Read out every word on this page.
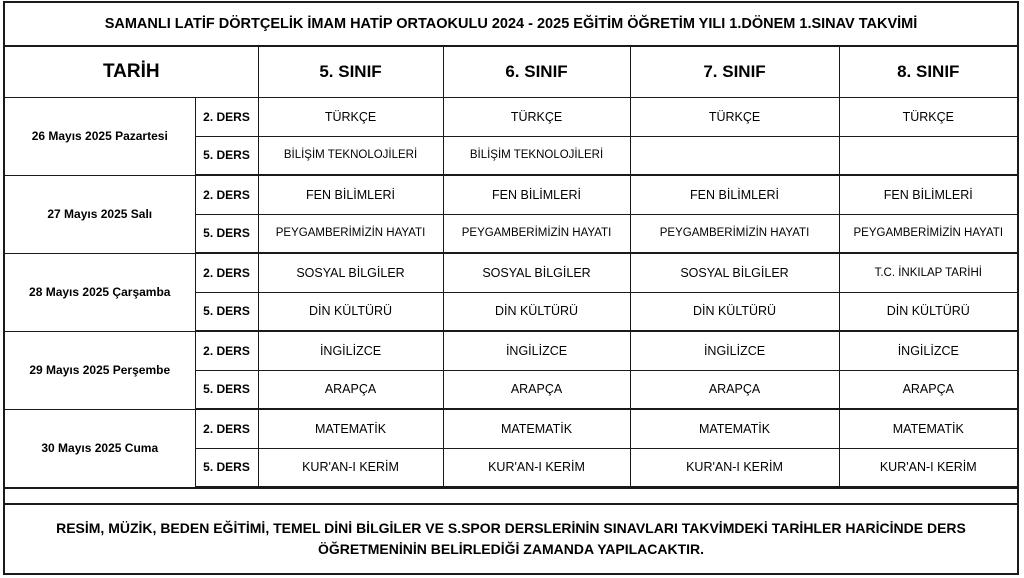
SAMANLI LATİF DÖRTÇELİK İMAM HATİP ORTAOKULU 2024 - 2025 EĞİTİM ÖĞRETİM YILI 1.DÖNEM 1.SINAV TAKVİMİ
TARİH		5. SINIF	6. SINIF	7. SINIF	8. SINIF
26 Mayıs 2025 Pazartesi	2. DERS	TÜRKÇE	TÜRKÇE	TÜRKÇE	TÜRKÇE
	5. DERS	BİLİŞİM TEKNOLOJİLERİ	BİLİŞİM TEKNOLOJİLERİ		
27 Mayıs 2025 Salı	2. DERS	FEN BİLİMLERİ	FEN BİLİMLERİ	FEN BİLİMLERİ	FEN BİLİMLERİ
	5. DERS	PEYGAMBERİMİZİN HAYATI	PEYGAMBERİMİZİN HAYATI	PEYGAMBERİMİZİN HAYATI	PEYGAMBERİMİZİN HAYATI
28 Mayıs 2025 Çarşamba	2. DERS	SOSYAL BİLGİLER	SOSYAL BİLGİLER	SOSYAL BİLGİLER	T.C. İNKILAP TARİHİ
	5. DERS	DİN KÜLTÜRÜ	DİN KÜLTÜRÜ	DİN KÜLTÜRÜ	DİN KÜLTÜRÜ
29 Mayıs 2025 Perşembe	2. DERS	İNGİLİZCE	İNGİLİZCE	İNGİLİZCE	İNGİLİZCE
	5. DERS	ARAPÇA	ARAPÇA	ARAPÇA	ARAPÇA
30 Mayıs 2025 Cuma	2. DERS	MATEMATİK	MATEMATİK	MATEMATİK	MATEMATİK
	5. DERS	KUR'AN-I KERİM	KUR'AN-I KERİM	KUR'AN-I KERİM	KUR'AN-I KERİM
RESİM, MÜZİK, BEDEN EĞİTİMİ, TEMEL DİNİ BİLGİLER VE S.SPOR DERSLERİNİN SINAVLARI TAKVİMDEKİ TARİHLER HARİCİNDE DERS ÖĞRETMENİNİN BELİRLEDİĞİ ZAMANDA YAPILACAKTIR.
